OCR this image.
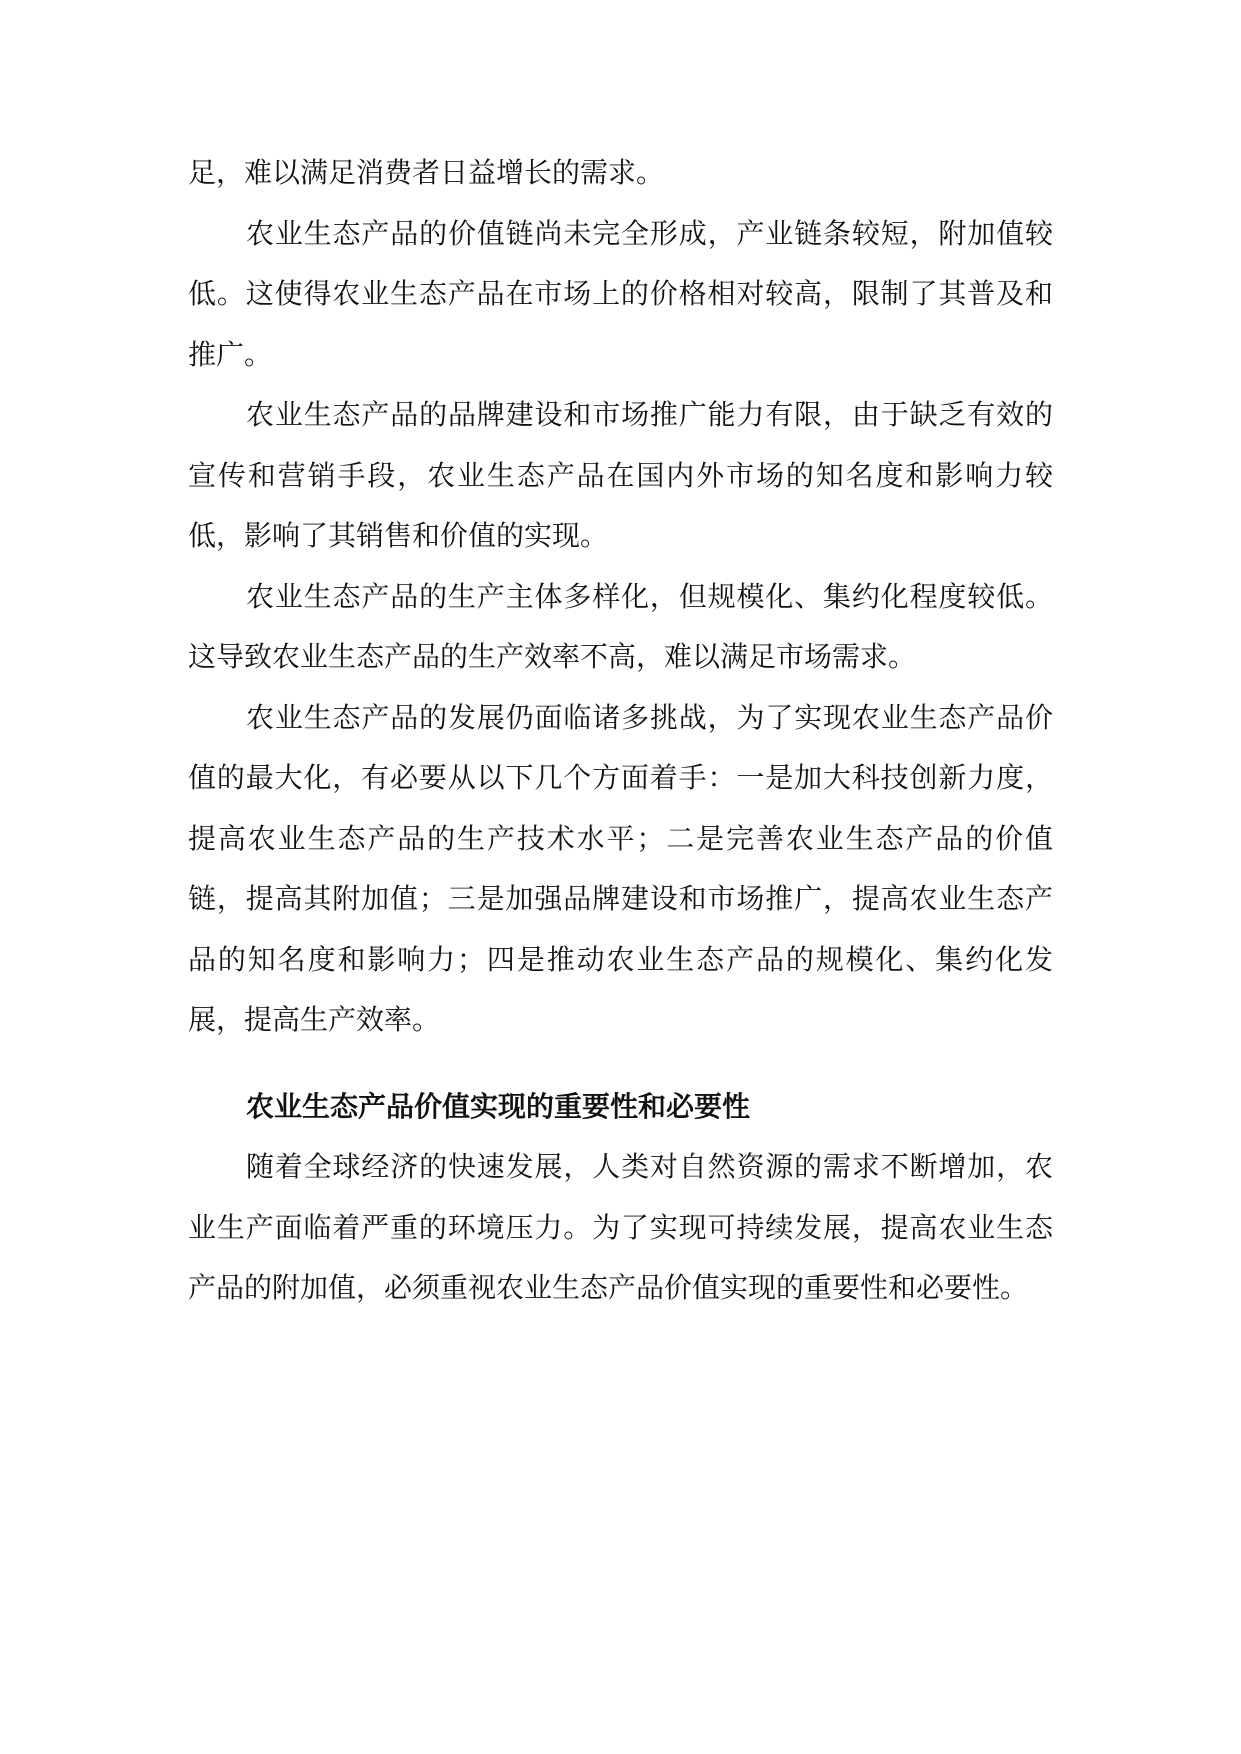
足，难以满足消费者日益增长的需求。

农业生态产品的价值链尚未完全形成，产业链条较短，附加值较低。这使得农业生态产品在市场上的价格相对较高，限制了其普及和推广。

农业生态产品的品牌建设和市场推广能力有限，由于缺乏有效的宣传和营销手段，农业生态产品在国内外市场的知名度和影响力较低，影响了其销售和价值的实现。

农业生态产品的生产主体多样化，但规模化、集约化程度较低。这导致农业生态产品的生产效率不高，难以满足市场需求。

农业生态产品的发展仍面临诸多挑战，为了实现农业生态产品价值的最大化，有必要从以下几个方面着手：一是加大科技创新力度，提高农业生态产品的生产技术水平；二是完善农业生态产品的价值链，提高其附加值；三是加强品牌建设和市场推广，提高农业生态产品的知名度和影响力；四是推动农业生态产品的规模化、集约化发展，提高生产效率。

农业生态产品价值实现的重要性和必要性

随着全球经济的快速发展，人类对自然资源的需求不断增加，农业生产面临着严重的环境压力。为了实现可持续发展，提高农业生态产品的附加值，必须重视农业生态产品价值实现的重要性和必要性。
